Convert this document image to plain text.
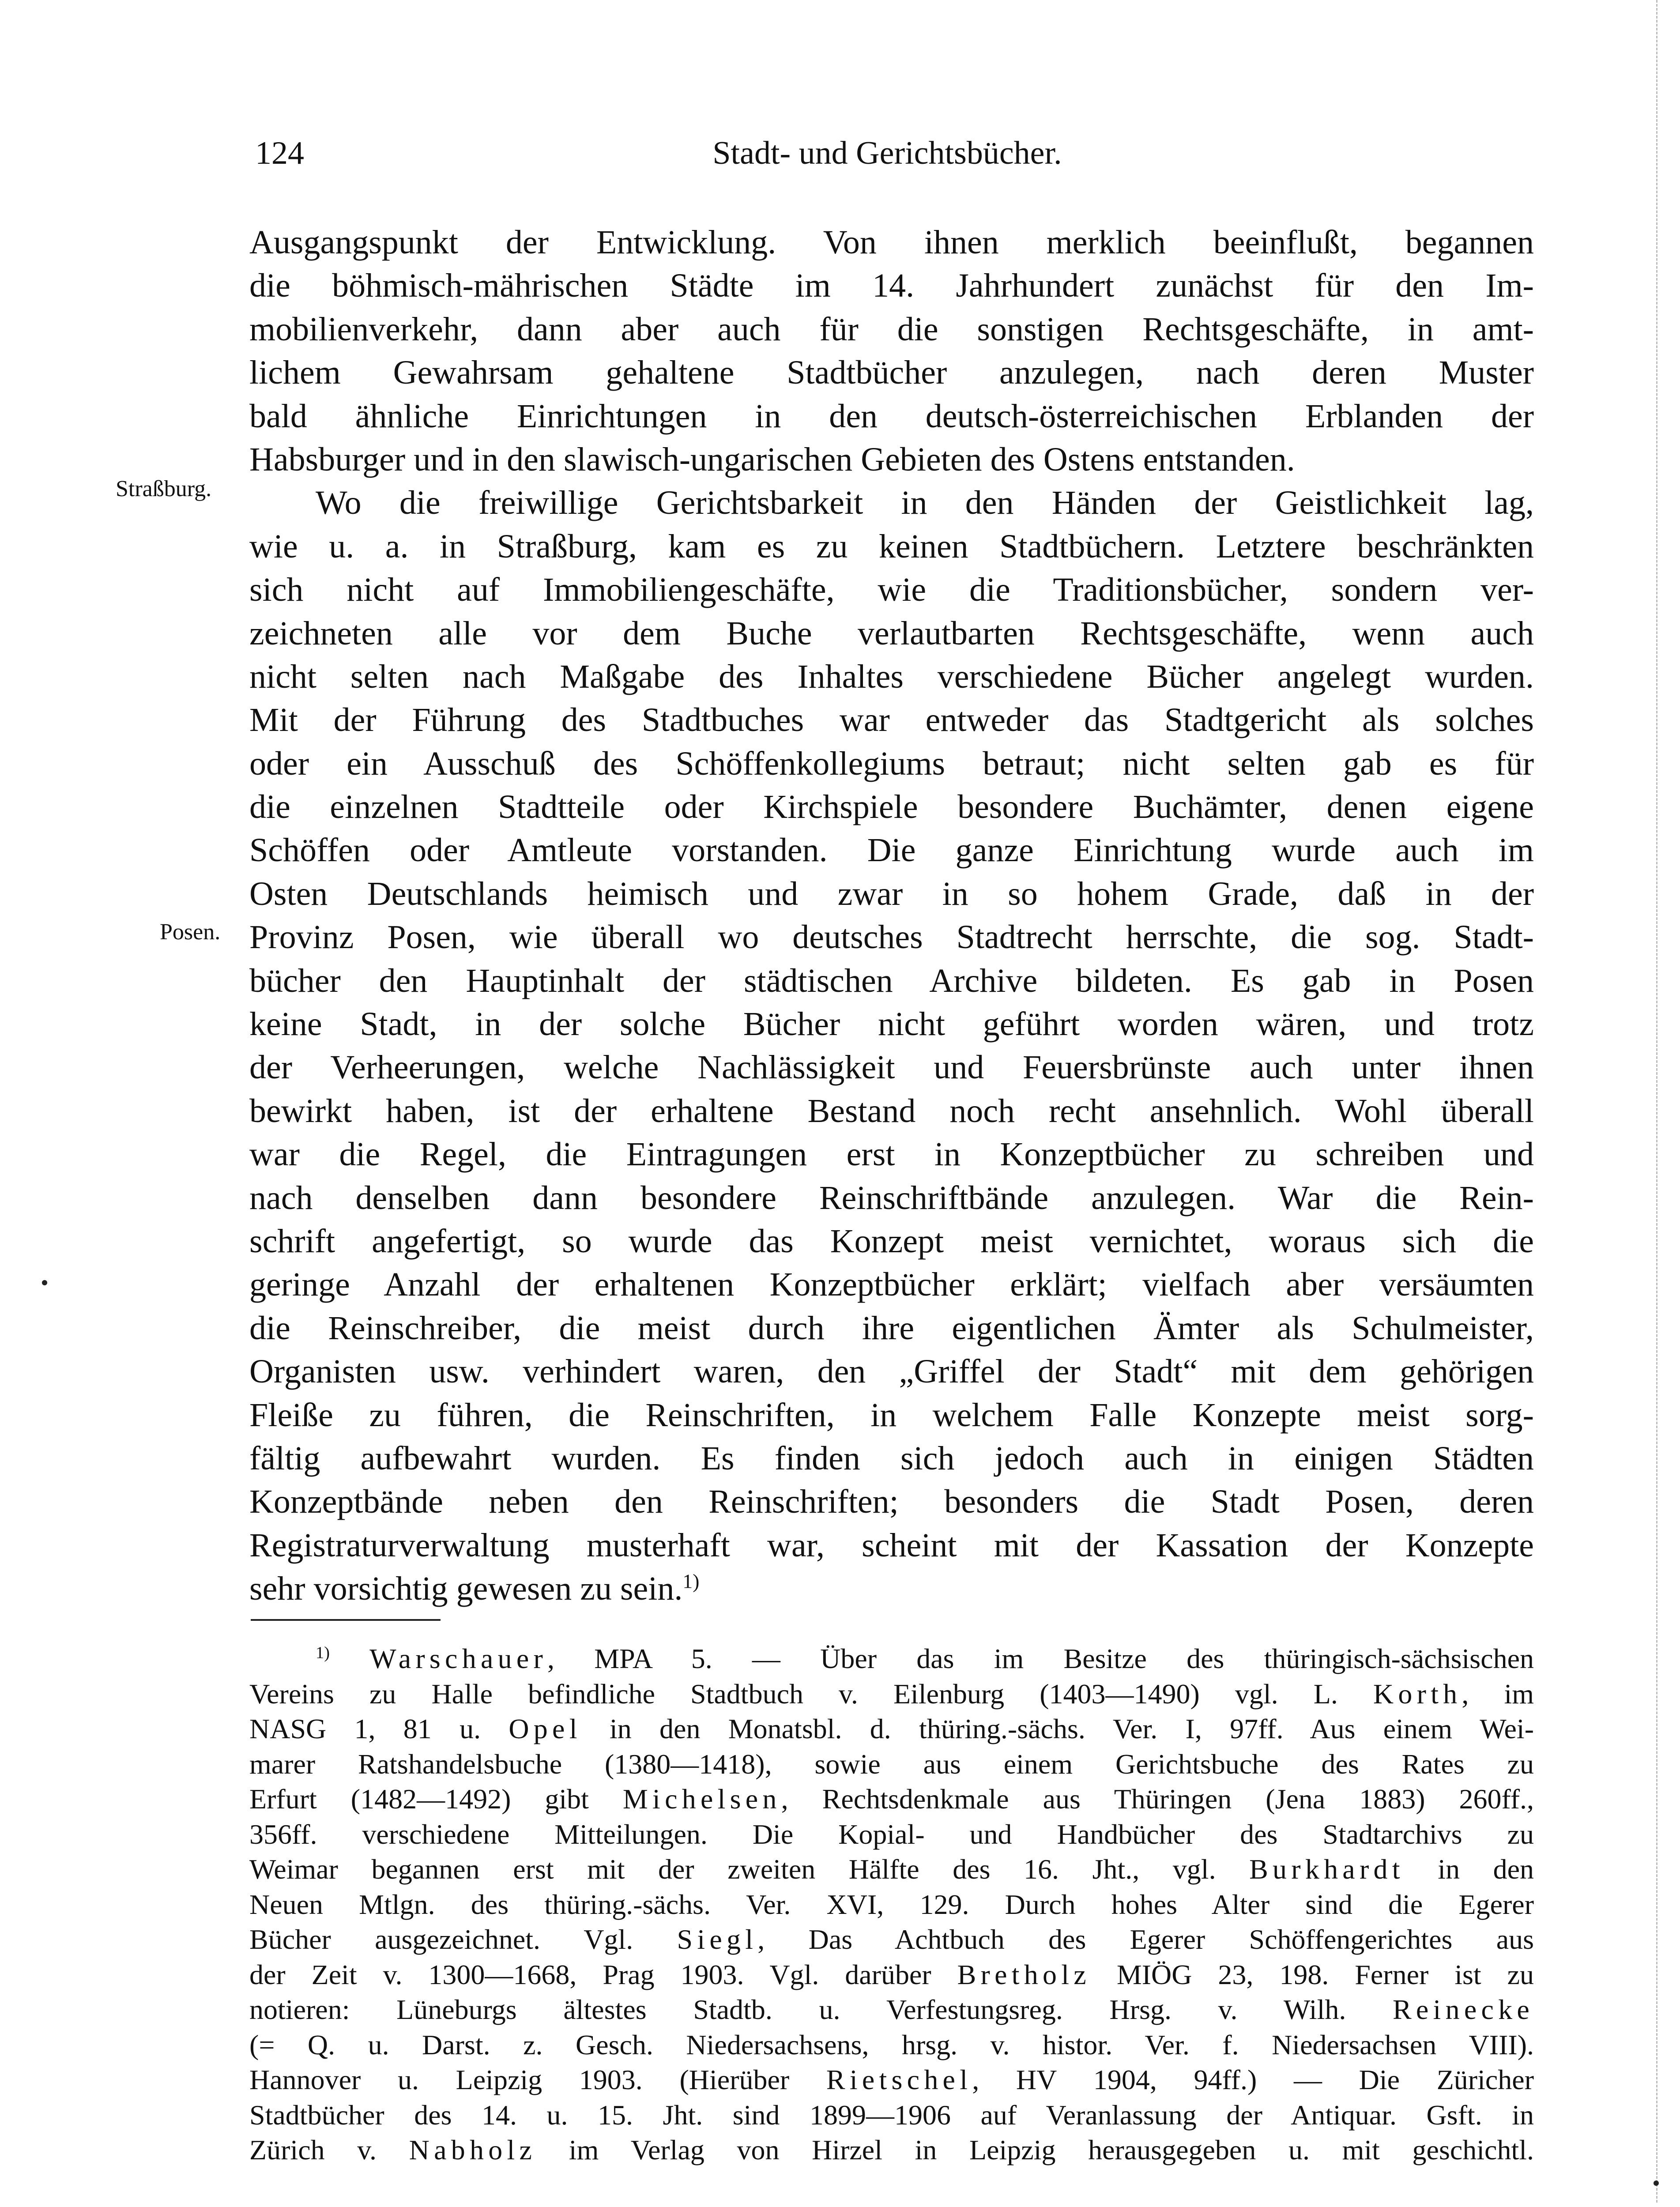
124	Stadt- und Gerichtsbücher.
Straßburg.
Posen.
Ausgangspunkt der Entwicklung. Von ihnen merklich beeinflußt, begannen
die böhmisch-mährischen Städte im 14. Jahrhundert zunächst für den Im-
mobilienverkehr, dann aber auch für die sonstigen Rechtsgeschäfte, in amt-
lichem Gewahrsam gehaltene Stadtbücher anzulegen, nach deren Muster
bald ähnliche Einrichtungen in den deutsch-österreichischen Erblanden der
Habsburger und in den slawisch-ungarischen Gebieten des Ostens entstanden.
Wo die freiwillige Gerichtsbarkeit in den Händen der Geistlichkeit lag,
wie u. a. in Straßburg, kam es zu keinen Stadtbüchern. Letztere beschränkten
sich nicht auf Immobiliengeschäfte, wie die Traditionsbücher, sondern ver-
zeichneten alle vor dem Buche verlautbarten Rechtsgeschäfte, wenn auch
nicht selten nach Maßgabe des Inhaltes verschiedene Bücher angelegt wurden.
Mit der Führung des Stadtbuches war entweder das Stadtgericht als solches
oder ein Ausschuß des Schöffenkollegiums betraut; nicht selten gab es für
die einzelnen Stadtteile oder Kirchspiele besondere Buchämter, denen eigene
Schöffen oder Amtleute vorstanden. Die ganze Einrichtung wurde auch im
Osten Deutschlands heimisch und zwar in so hohem Grade, daß in der
Provinz Posen, wie überall wo deutsches Stadtrecht herrschte, die sog. Stadt-
bücher den Hauptinhalt der städtischen Archive bildeten. Es gab in Posen
keine Stadt, in der solche Bücher nicht geführt worden wären, und trotz
der Verheerungen, welche Nachlässigkeit und Feuersbrünste auch unter ihnen
bewirkt haben, ist der erhaltene Bestand noch recht ansehnlich. Wohl überall
war die Regel, die Eintragungen erst in Konzeptbücher zu schreiben und
nach denselben dann besondere Reinschriftbände anzulegen. War die Rein-
schrift angefertigt, so wurde das Konzept meist vernichtet, woraus sich die
geringe Anzahl der erhaltenen Konzeptbücher erklärt; vielfach aber versäumten
die Reinschreiber, die meist durch ihre eigentlichen Ämter als Schulmeister,
Organisten usw. verhindert waren, den „Griffel der Stadt“ mit dem gehörigen
Fleiße zu führen, die Reinschriften, in welchem Falle Konzepte meist sorg-
fältig aufbewahrt wurden. Es finden sich jedoch auch in einigen Städten
Konzeptbände neben den Reinschriften; besonders die Stadt Posen, deren
Registraturverwaltung musterhaft war, scheint mit der Kassation der Konzepte
sehr vorsichtig gewesen zu sein.$^{1)}$
$^{1)}$ Warschauer, MPA 5. — Über das im Besitze des thüringisch-sächsischen
Vereins zu Halle befindliche Stadtbuch v. Eilenburg (1403—1490) vgl. L. Korth, im
NASG 1, 81 u. Opel in den Monatsbl. d. thüring.-sächs. Ver. I, 97ff. Aus einem Wei-
marer Ratshandelsbuche (1380—1418), sowie aus einem Gerichtsbuche des Rates zu
Erfurt (1482—1492) gibt Michelsen, Rechtsdenkmale aus Thüringen (Jena 1883) 260ff.,
356ff. verschiedene Mitteilungen. Die Kopial- und Handbücher des Stadtarchivs zu
Weimar begannen erst mit der zweiten Hälfte des 16. Jht., vgl. Burkhardt in den
Neuen Mtlgn. des thüring.-sächs. Ver. XVI, 129. Durch hohes Alter sind die Egerer
Bücher ausgezeichnet. Vgl. Siegl, Das Achtbuch des Egerer Schöffengerichtes aus
der Zeit v. 1300—1668, Prag 1903. Vgl. darüber Bretholz MIÖG 23, 198. Ferner ist zu
notieren: Lüneburgs ältestes Stadtb. u. Verfestungsreg. Hrsg. v. Wilh. Reinecke
(= Q. u. Darst. z. Gesch. Niedersachsens, hrsg. v. histor. Ver. f. Niedersachsen VIII).
Hannover u. Leipzig 1903. (Hierüber Rietschel, HV 1904, 94ff.) — Die Züricher
Stadtbücher des 14. u. 15. Jht. sind 1899—1906 auf Veranlassung der Antiquar. Gsft. in
Zürich v. Nabholz im Verlag von Hirzel in Leipzig herausgegeben u. mit geschichtl.
